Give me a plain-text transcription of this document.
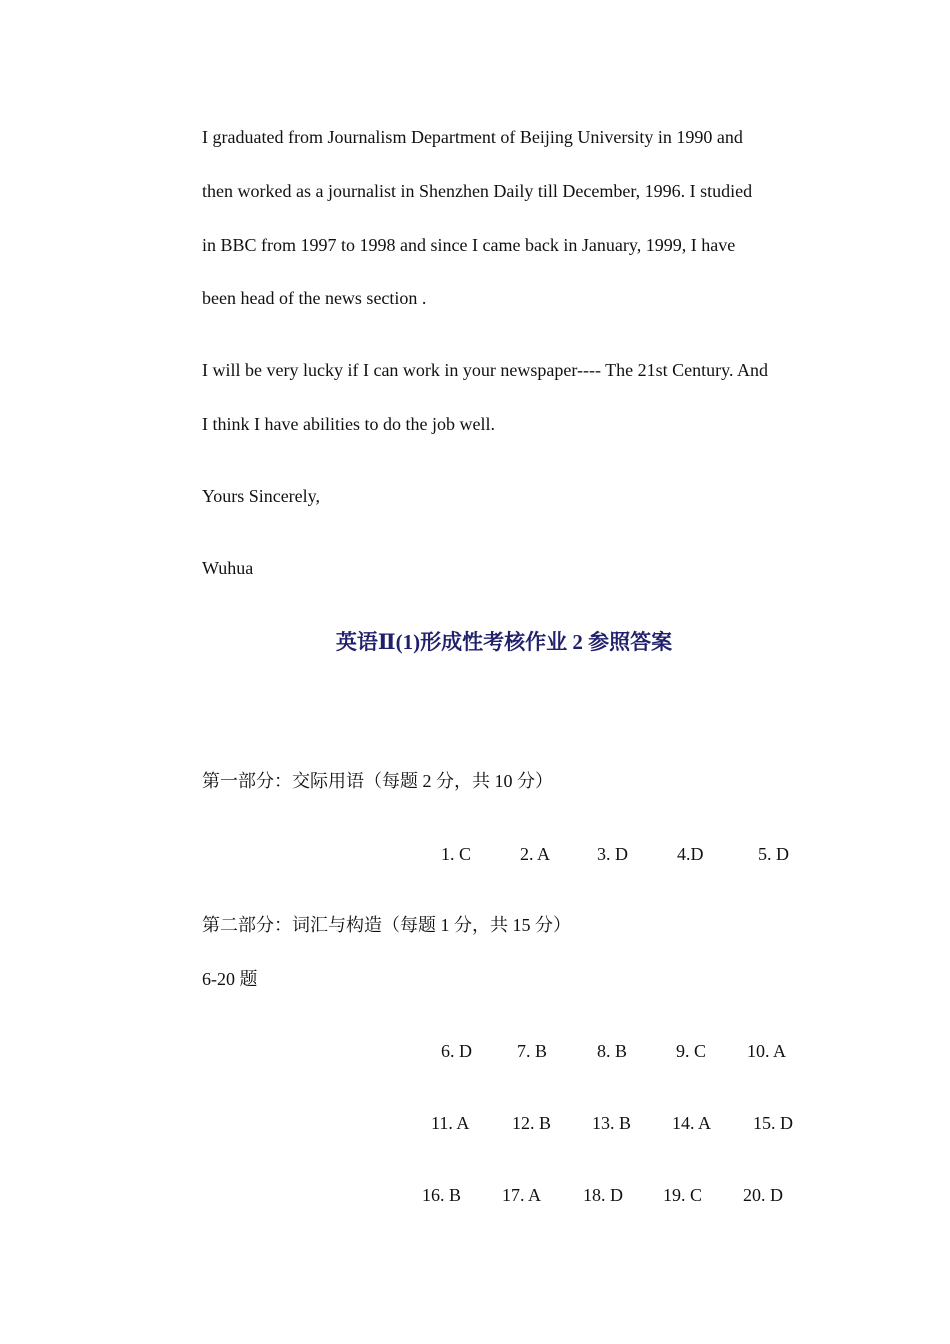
I graduated from Journalism Department of Beijing University in 1990 and
then worked as a journalist in Shenzhen Daily till December, 1996. I studied
in BBC from 1997 to 1998 and since I came back in January, 1999, I have
been head of the news section .
I will be very lucky if I can work in your newspaper---- The 21st Century. And
I think I have abilities to do the job well.
Yours Sincerely,
Wuhua
英语Ⅱ(1)形成性考核作业 2 参照答案
第一部分：交际用语（每题 2 分，共 10 分）
1. C	2. A	3. D	4.D	5. D
第二部分：词汇与构造（每题 1 分，共 15 分）
6-20 题
6. D	7. B	8. B	9. C 10. A
11. A 12. B 13. B 14. A 15. D
16. B 17. A 18. D 19. C 20. D
